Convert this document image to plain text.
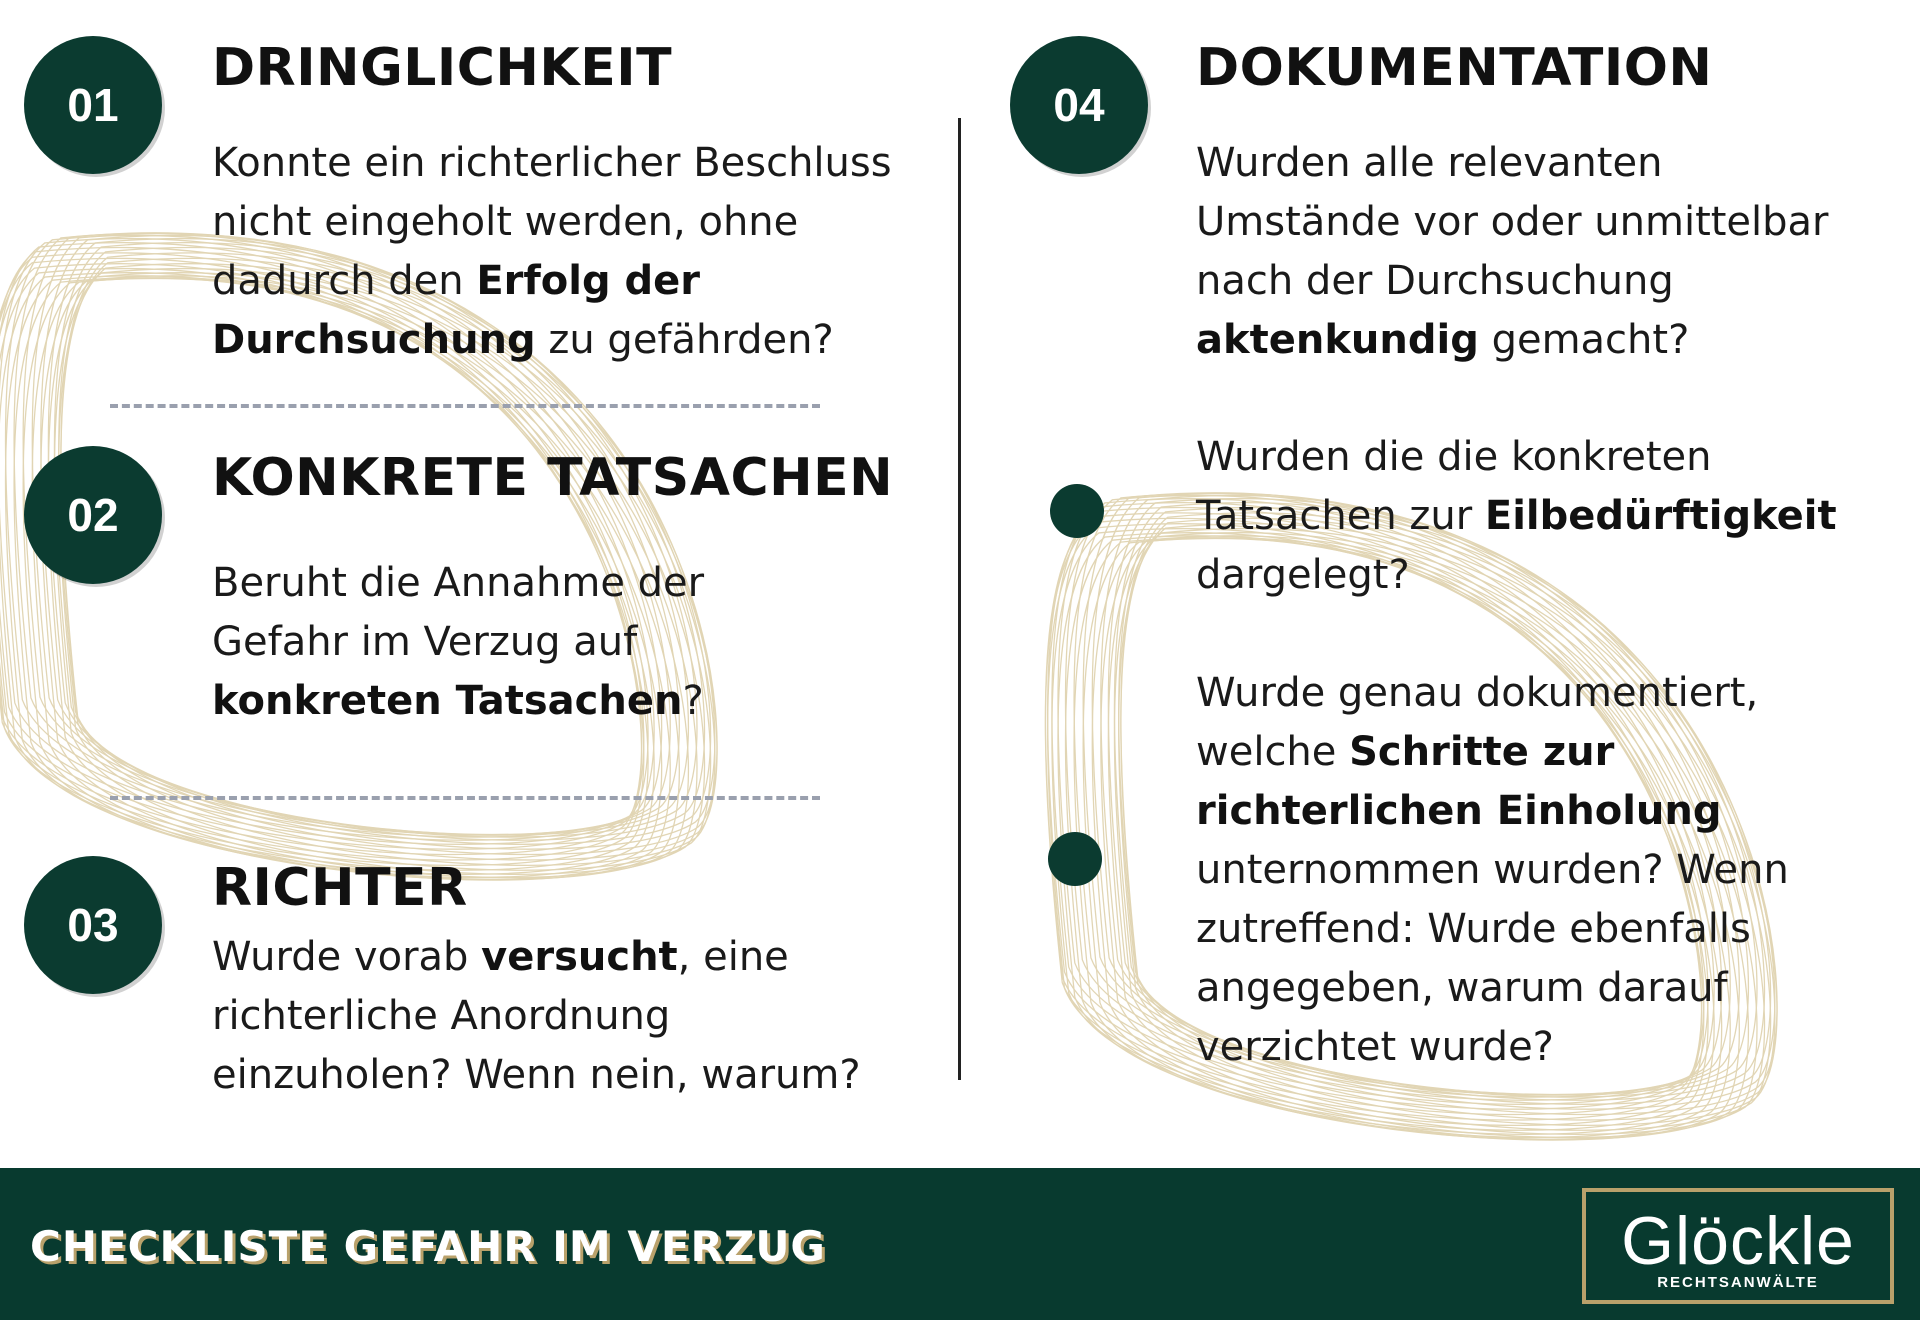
01
DRINGLICHKEIT
Konnte ein richterlicher Beschluss
nicht eingeholt werden, ohne
dadurch den Erfolg der
Durchsuchung zu gefährden?
02
KONKRETE TATSACHEN
Beruht die Annahme der
Gefahr im Verzug auf
konkreten Tatsachen?
03
RICHTER
Wurde vorab versucht, eine
richterliche Anordnung
einzuholen? Wenn nein, warum?
04
DOKUMENTATION
Wurden alle relevanten
Umstände vor oder unmittelbar
nach der Durchsuchung
aktenkundig gemacht?
Wurden die die konkreten
Tatsachen zur Eilbedürftigkeit
dargelegt?
Wurde genau dokumentiert,
welche Schritte zur
richterlichen Einholung
unternommen wurden? Wenn
zutreffend: Wurde ebenfalls
angegeben, warum darauf
verzichtet wurde?
CHECKLISTE GEFAHR IM VERZUG	Glöckle
RECHTSANWÄLTE
